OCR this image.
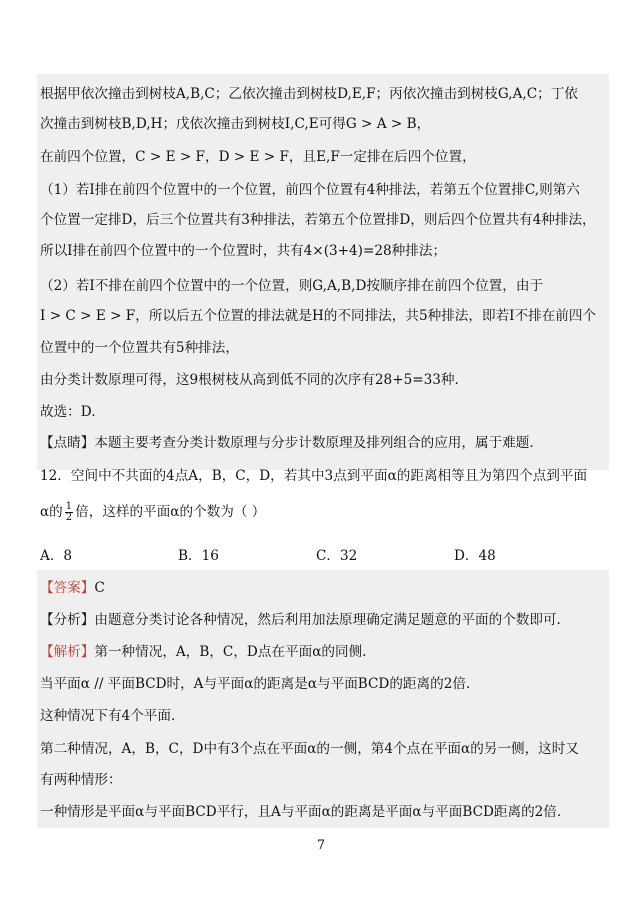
根据甲依次撞击到树枝A,B,C；乙依次撞击到树枝D,E,F；丙依次撞击到树枝G,A,C；丁依
次撞击到树枝B,D,H；戊依次撞击到树枝I,C,E可得G > A > B，
在前四个位置，C > E > F，D > E > F，且E,F一定排在后四个位置，
（1）若I排在前四个位置中的一个位置，前四个位置有4种排法，若第五个位置排C,则第六
个位置一定排D，后三个位置共有3种排法，若第五个位置排D，则后四个位置共有4种排法，
所以I排在前四个位置中的一个位置时，共有4×(3+4)=28种排法；
（2）若I不排在前四个位置中的一个位置，则G,A,B,D按顺序排在前四个位置，由于
I > C > E > F，所以后五个位置的排法就是H的不同排法，共5种排法，即若I不排在前四个
位置中的一个位置共有5种排法，
由分类计数原理可得，这9根树枝从高到低不同的次序有28+5=33种.
故选：D.
【点睛】本题主要考查分类计数原理与分步计数原理及排列组合的应用，属于难题.
12．空间中不共面的4点A，B，C，D，若其中3点到平面α的距离相等且为第四个点到平面
α的 $\frac{1}{2}$ 倍，这样的平面α的个数为（ ）
A．8	B．16	C．32	D．48
【答案】C
【分析】由题意分类讨论各种情况，然后利用加法原理确定满足题意的平面的个数即可.
【解析】第一种情况，A，B，C，D点在平面α的同侧.
当平面α // 平面BCD时，A与平面α的距离是α与平面BCD的距离的2倍.
这种情况下有4个平面.
第二种情况，A，B，C，D中有3个点在平面α的一侧，第4个点在平面α的另一侧，这时又
有两种情形：
一种情形是平面α与平面BCD平行，且A与平面α的距离是平面α与平面BCD距离的2倍.
7
